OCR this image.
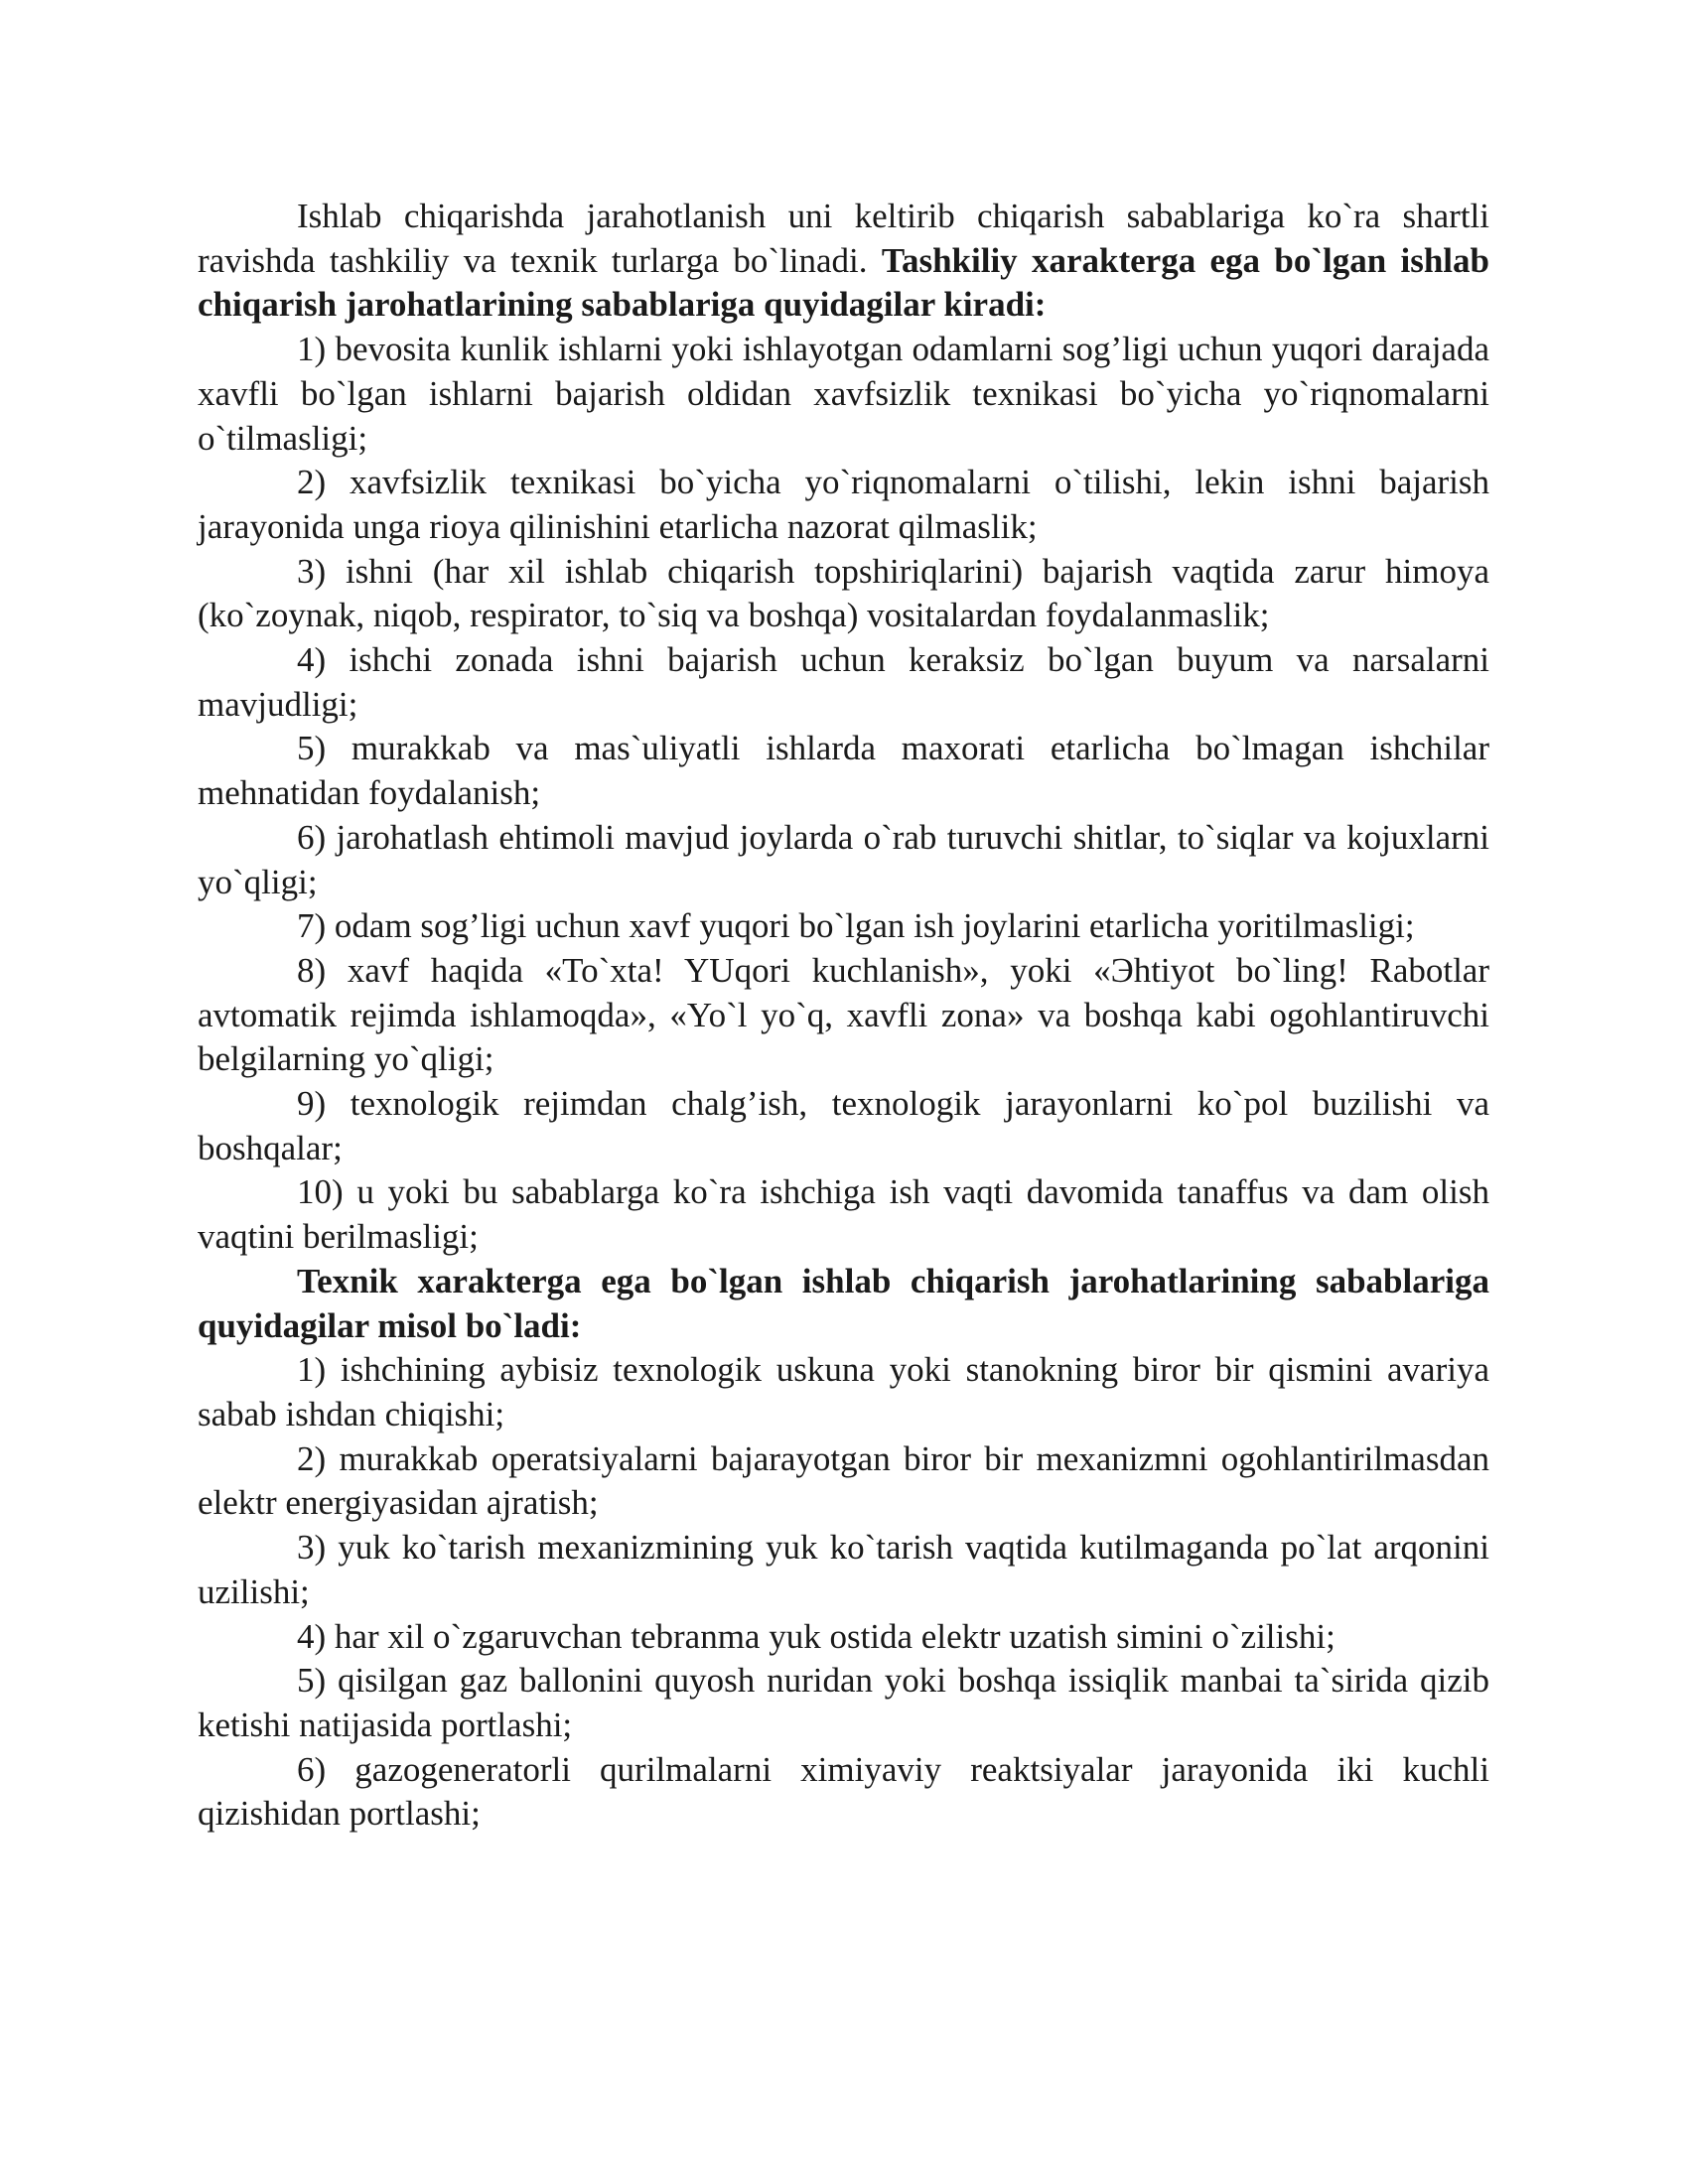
Ishlab chiqarishda jarahotlanish uni keltirib chiqarish sabablariga ko`ra shartli ravishda tashkiliy va texnik turlarga bo`linadi. Tashkiliy xarakterga ega bo`lgan ishlab chiqarish jarohatlarining sabablariga quyidagilar kiradi:

1) bevosita kunlik ishlarni yoki ishlayotgan odamlarni sog’ligi uchun yuqori darajada xavfli bo`lgan ishlarni bajarish oldidan xavfsizlik texnikasi bo`yicha yo`riqnomalarni o`tilmasligi;

2) xavfsizlik texnikasi bo`yicha yo`riqnomalarni o`tilishi, lekin ishni bajarish jarayonida unga rioya qilinishini etarlicha nazorat qilmaslik;

3) ishni (har xil ishlab chiqarish topshiriqlarini) bajarish vaqtida zarur himoya (ko`zoynak, niqob, respirator, to`siq va boshqa) vositalardan foydalanmaslik;

4) ishchi zonada ishni bajarish uchun keraksiz bo`lgan buyum va narsalarni mavjudligi;

5) murakkab va mas`uliyatli ishlarda maxorati etarlicha bo`lmagan ishchilar mehnatidan foydalanish;

6) jarohatlash ehtimoli mavjud joylarda o`rab turuvchi shitlar, to`siqlar va kojuxlarni yo`qligi;

7) odam sog’ligi uchun xavf yuqori bo`lgan ish joylarini etarlicha yoritilmasligi;

8) xavf haqida «To`xta! YUqori kuchlanish», yoki «Эhtiyot bo`ling! Rabotlar avtomatik rejimda ishlamoqda», «Yo`l yo`q, xavfli zona» va boshqa kabi ogohlantiruvchi belgilarning yo`qligi;

9) texnologik rejimdan chalg’ish, texnologik jarayonlarni ko`pol buzilishi va boshqalar;

10) u yoki bu sabablarga ko`ra ishchiga ish vaqti davomida tanaffus va dam olish vaqtini berilmasligi;

Texnik xarakterga ega bo`lgan ishlab chiqarish jarohatlarining sabablariga quyidagilar misol bo`ladi:

1) ishchining aybisiz texnologik uskuna yoki stanokning biror bir qismini avariya sabab ishdan chiqishi;

2) murakkab operatsiyalarni bajarayotgan biror bir mexanizmni ogohlantirilmasdan elektr energiyasidan ajratish;

3) yuk ko`tarish mexanizmining yuk ko`tarish vaqtida kutilmaganda po`lat arqonini uzilishi;

4) har xil o`zgaruvchan tebranma yuk ostida elektr uzatish simini o`zilishi;

5) qisilgan gaz ballonini quyosh nuridan yoki boshqa issiqlik manbai ta`sirida qizib ketishi natijasida portlashi;

6) gazogeneratorli qurilmalarni ximiyaviy reaktsiyalar jarayonida iki kuchli qizishidan portlashi;
